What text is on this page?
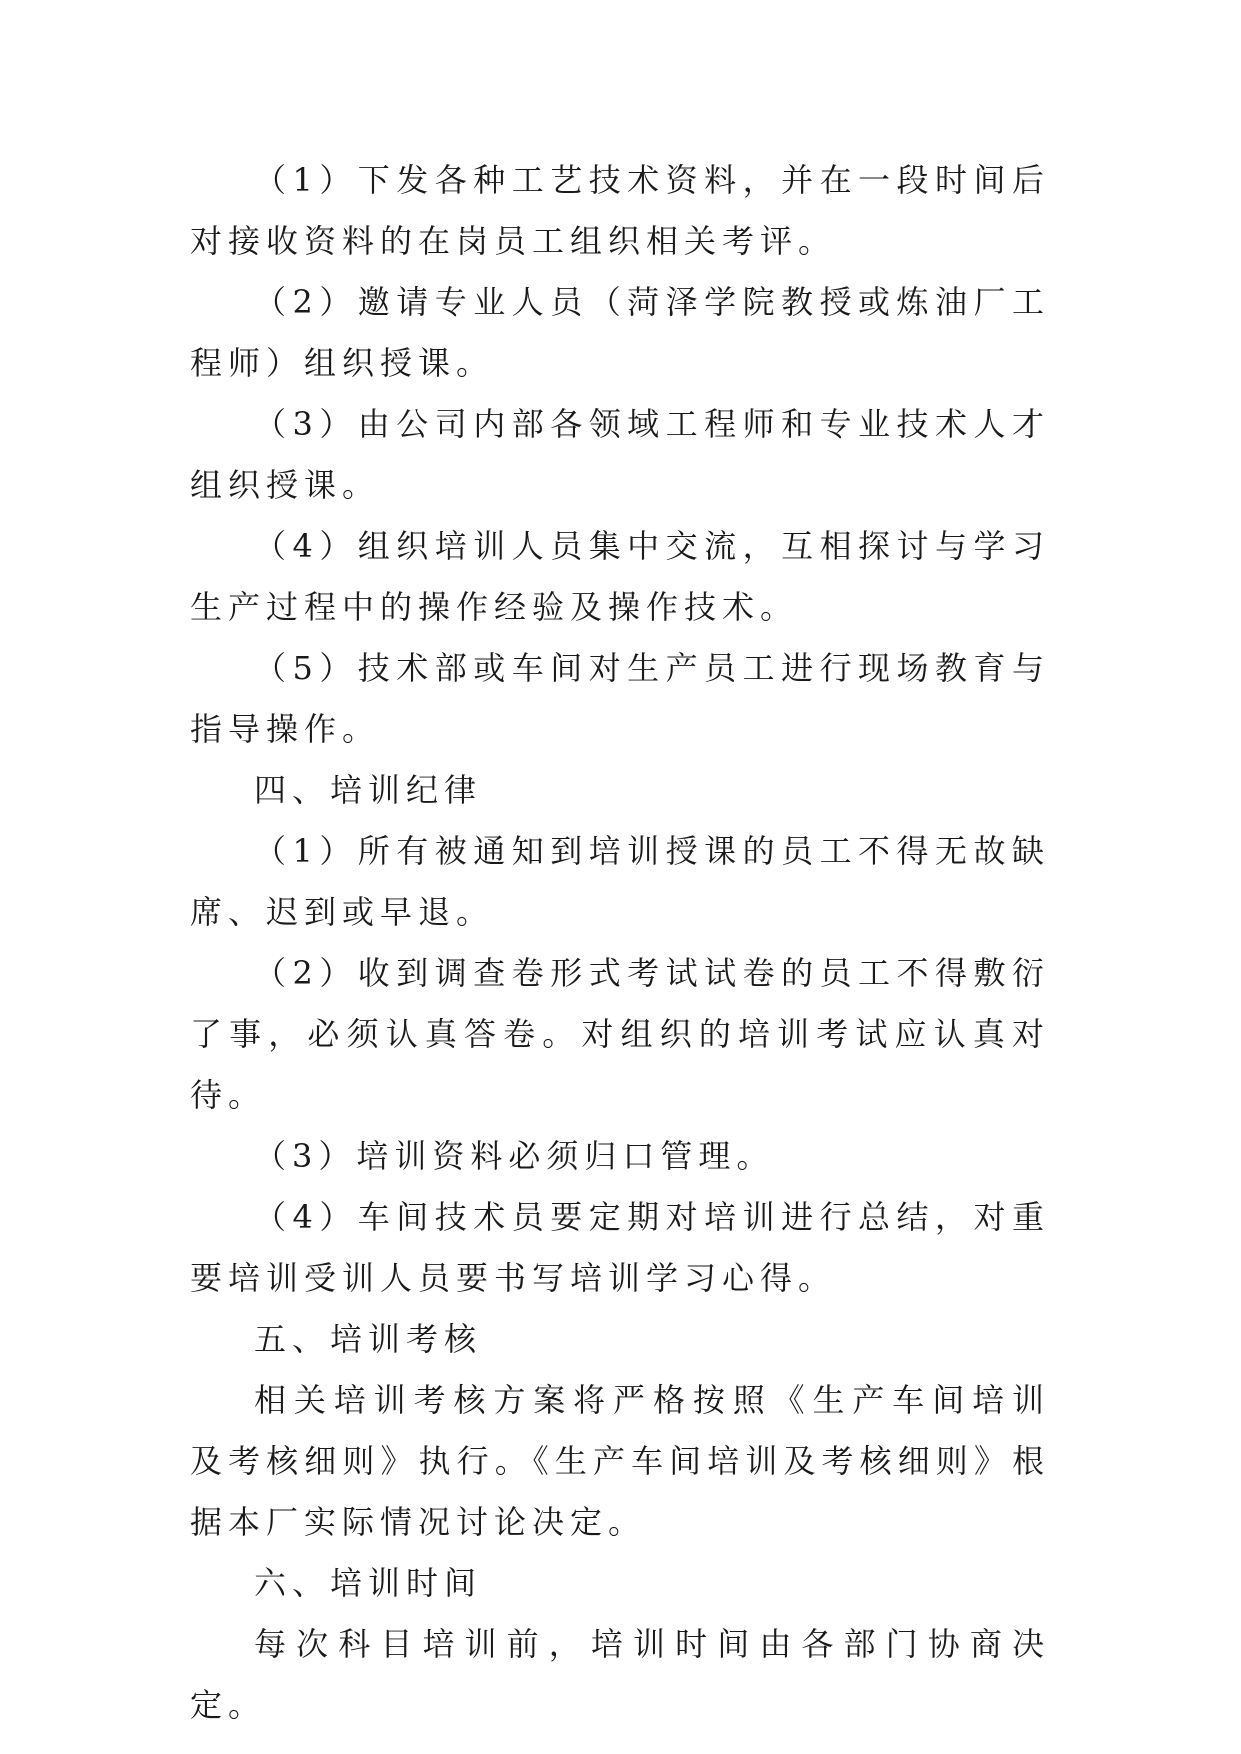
（1）下发各种工艺技术资料，并在一段时间后对接收资料的在岗员工组织相关考评。

（2）邀请专业人员（菏泽学院教授或炼油厂工程师）组织授课。

（3）由公司内部各领域工程师和专业技术人才组织授课。

（4）组织培训人员集中交流，互相探讨与学习生产过程中的操作经验及操作技术。

（5）技术部或车间对生产员工进行现场教育与指导操作。

四、培训纪律

（1）所有被通知到培训授课的员工不得无故缺席、迟到或早退。

（2）收到调查卷形式考试试卷的员工不得敷衍了事，必须认真答卷。对组织的培训考试应认真对待。

（3）培训资料必须归口管理。

（4）车间技术员要定期对培训进行总结，对重要培训受训人员要书写培训学习心得。

五、培训考核

相关培训考核方案将严格按照《生产车间培训及考核细则》执行。《生产车间培训及考核细则》根据本厂实际情况讨论决定。

六、培训时间

每次科目培训前，培训时间由各部门协商决定。
